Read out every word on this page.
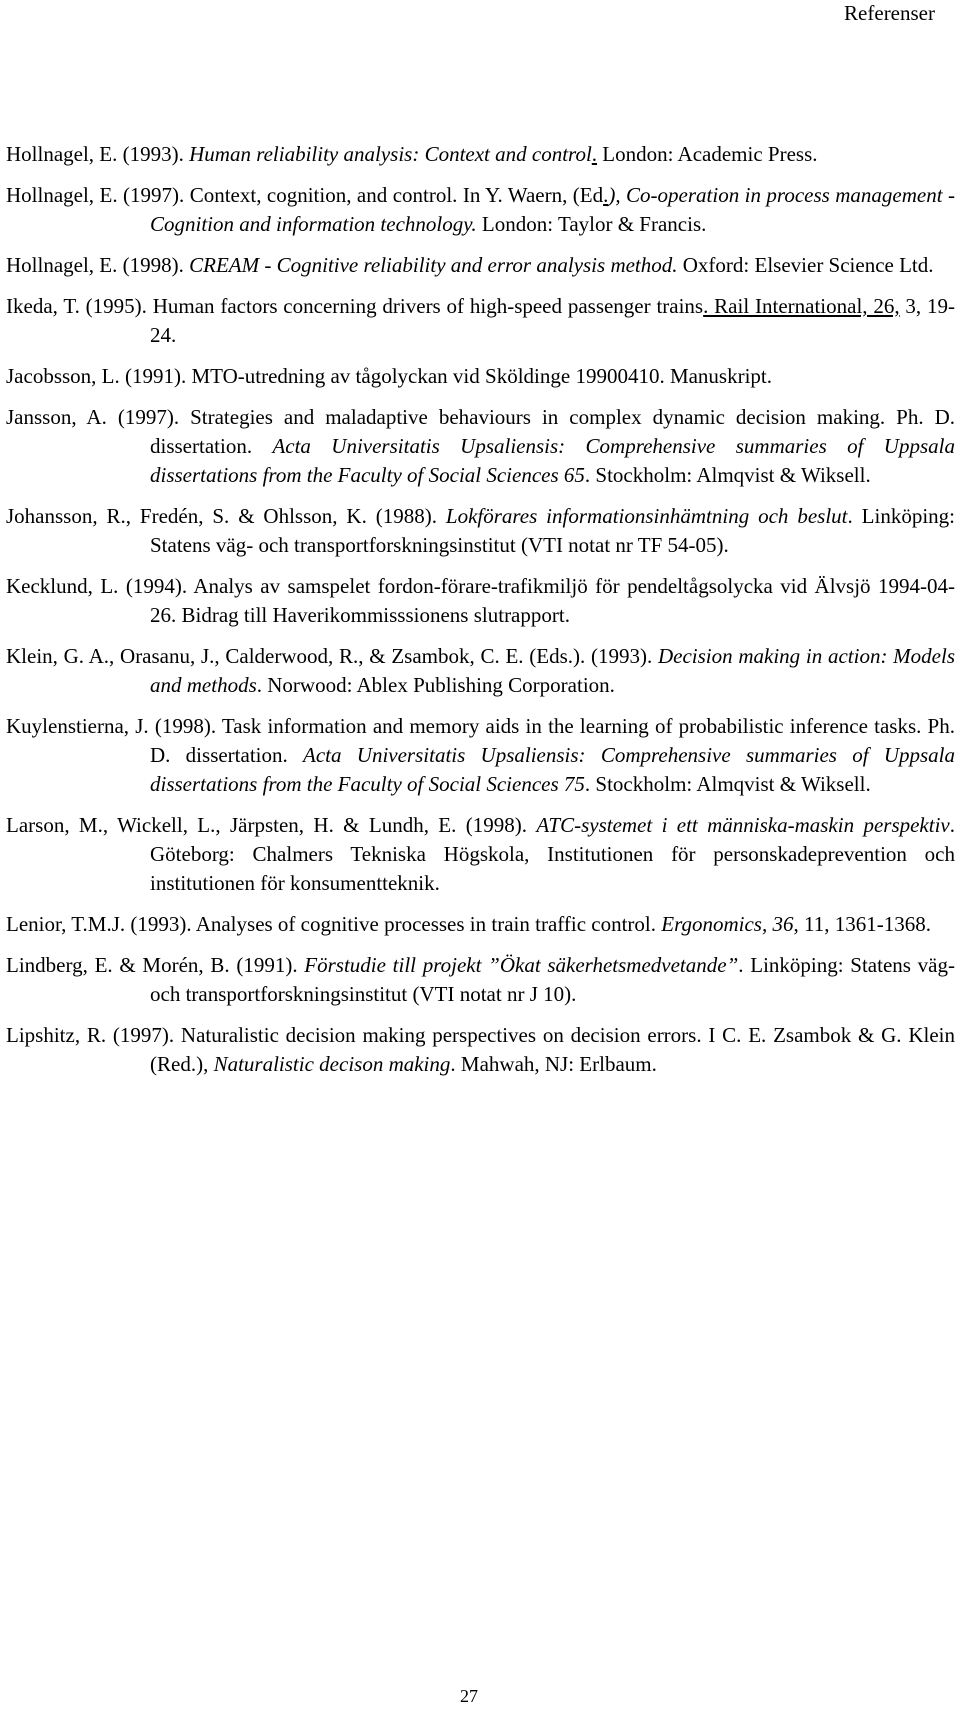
Referenser
Hollnagel, E. (1993). Human reliability analysis: Context and control. London: Academic Press.
Hollnagel, E. (1997). Context, cognition, and control. In Y. Waern, (Ed.), Co-operation in process management - Cognition and information technology. London: Taylor & Francis.
Hollnagel, E. (1998). CREAM - Cognitive reliability and error analysis method. Oxford: Elsevier Science Ltd.
Ikeda, T. (1995). Human factors concerning drivers of high-speed passenger trains. Rail International, 26, 3, 19-24.
Jacobsson, L. (1991). MTO-utredning av tågolyckan vid Sköldinge 19900410. Manuskript.
Jansson, A. (1997). Strategies and maladaptive behaviours in complex dynamic decision making. Ph. D. dissertation. Acta Universitatis Upsaliensis: Comprehensive summaries of Uppsala dissertations from the Faculty of Social Sciences 65. Stockholm: Almqvist & Wiksell.
Johansson, R., Fredén, S. & Ohlsson, K. (1988). Lokförares informationsinhämtning och beslut. Linköping: Statens väg- och transportforskningsinstitut (VTI notat nr TF 54-05).
Kecklund, L. (1994). Analys av samspelet fordon-förare-trafikmiljö för pendeltågsolycka vid Älvsjö 1994-04-26. Bidrag till Haverikommisssionens slutrapport.
Klein, G. A., Orasanu, J., Calderwood, R., & Zsambok, C. E. (Eds.). (1993). Decision making in action: Models and methods. Norwood: Ablex Publishing Corporation.
Kuylenstierna, J. (1998). Task information and memory aids in the learning of probabilistic inference tasks. Ph. D. dissertation. Acta Universitatis Upsaliensis: Comprehensive summaries of Uppsala dissertations from the Faculty of Social Sciences 75. Stockholm: Almqvist & Wiksell.
Larson, M., Wickell, L., Järpsten, H. & Lundh, E. (1998). ATC-systemet i ett människa-maskin perspektiv. Göteborg: Chalmers Tekniska Högskola, Institutionen för personskadeprevention och institutionen för konsumentteknik.
Lenior, T.M.J. (1993). Analyses of cognitive processes in train traffic control. Ergonomics, 36, 11, 1361-1368.
Lindberg, E. & Morén, B. (1991). Förstudie till projekt ”Ökat säkerhetsmedvetande”. Linköping: Statens väg- och transportforskningsinstitut (VTI notat nr J 10).
Lipshitz, R. (1997). Naturalistic decision making perspectives on decision errors. I C. E. Zsambok & G. Klein (Red.), Naturalistic decison making. Mahwah, NJ: Erlbaum.
27
